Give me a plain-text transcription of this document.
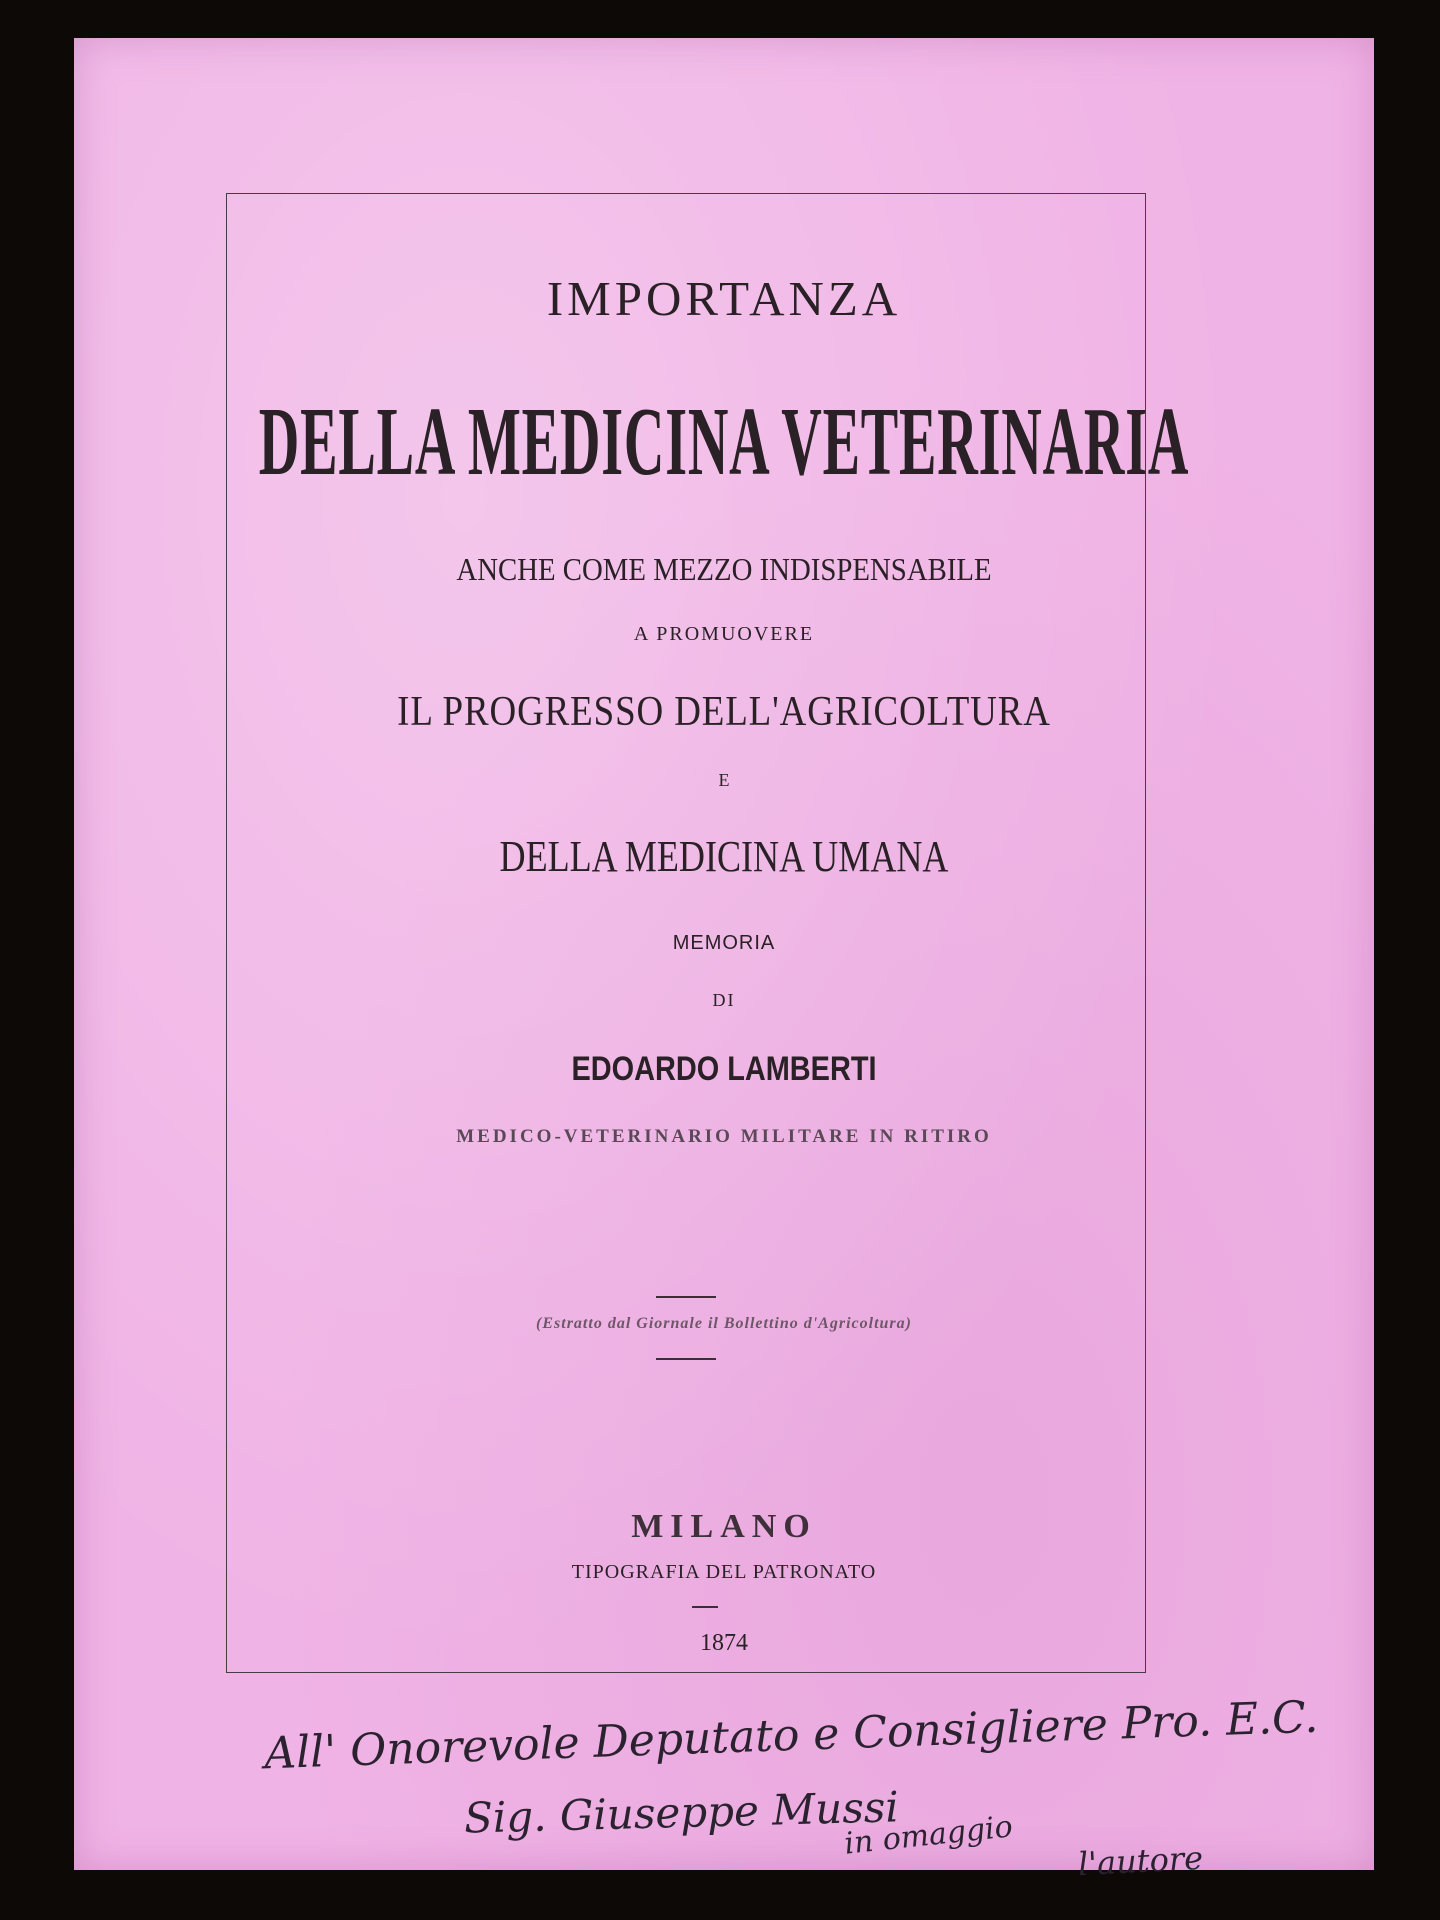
IMPORTANZA
DELLA MEDICINA VETERINARIA
ANCHE COME MEZZO INDISPENSABILE
A PROMUOVERE
IL PROGRESSO DELL'AGRICOLTURA
E
DELLA MEDICINA UMANA
MEMORIA
DI
EDOARDO LAMBERTI
MEDICO-VETERINARIO MILITARE IN RITIRO
(Estratto dal Giornale il Bollettino d'Agricoltura)
MILANO
TIPOGRAFIA DEL PATRONATO
1874
All' Onorevole Deputato e Consigliere Pro. E.C.
Sig. Giuseppe Mussi
in omaggio l'autore
